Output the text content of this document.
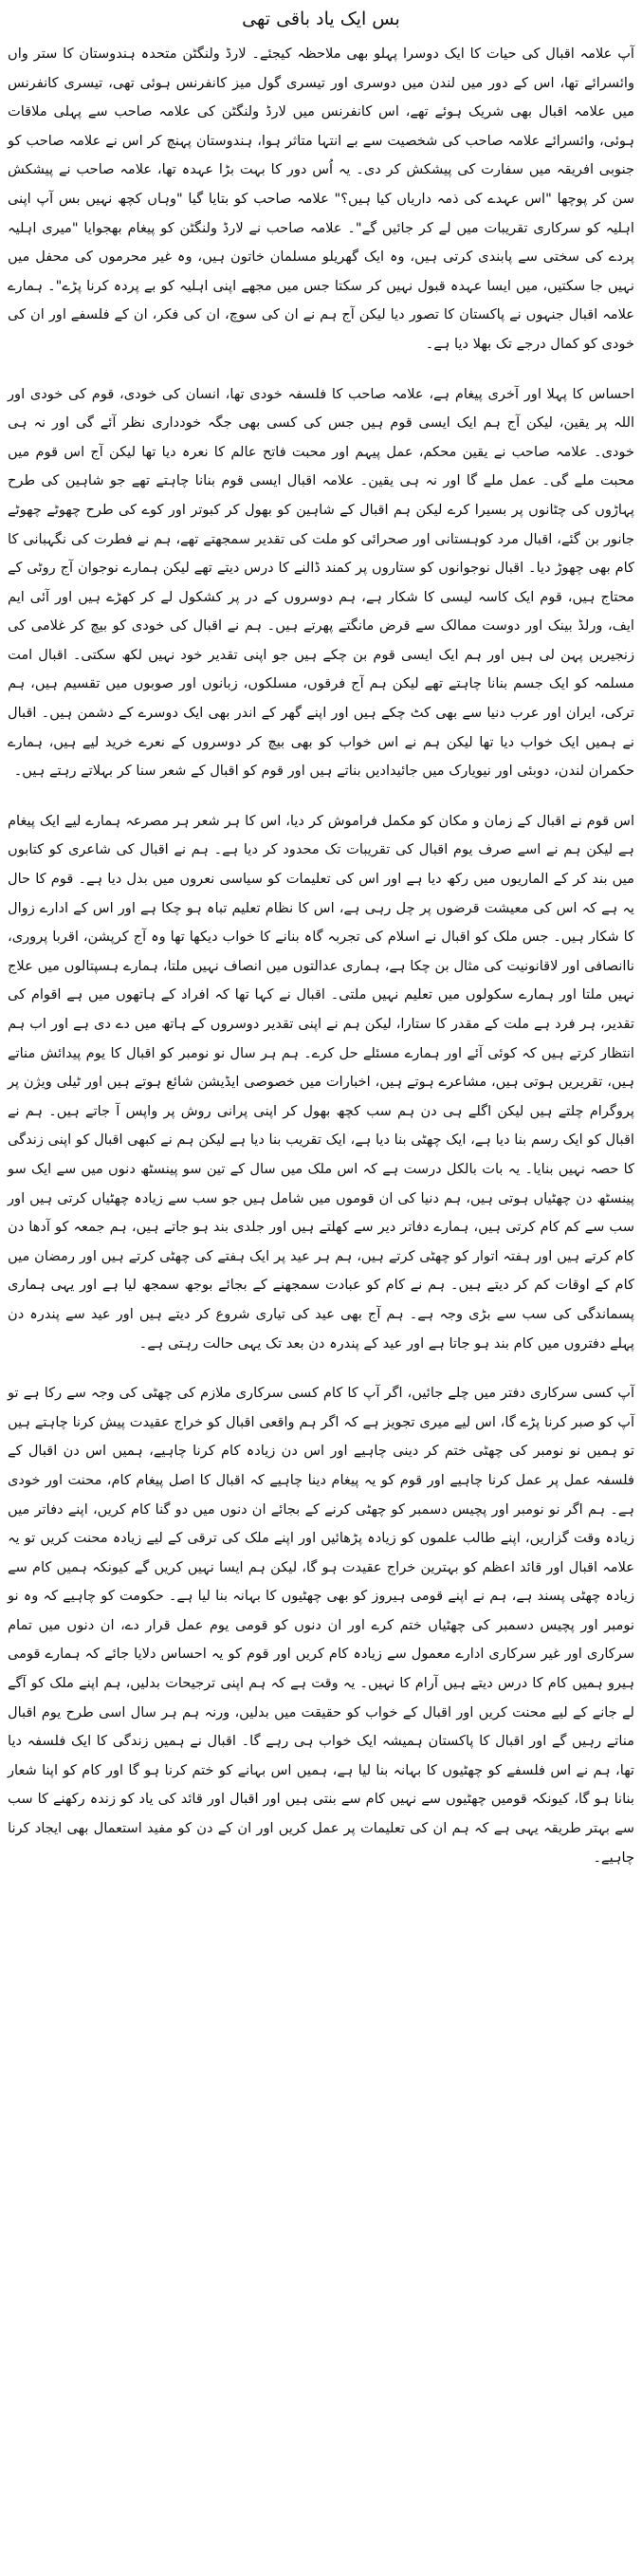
بس ایک یاد باقی تھی

آپ علامہ اقبال کی حیات کا ایک دوسرا پہلو بھی ملاحظہ کیجئے۔ لارڈ ولنگٹن متحدہ ہندوستان کا ستر واں وائسرائے تھا، اس کے دور میں لندن میں دوسری اور تیسری گول میز کانفرنس ہوئی تھی، تیسری کانفرنس میں علامہ اقبال بھی شریک ہوئے تھے، اس کانفرنس میں لارڈ ولنگٹن کی علامہ صاحب سے پہلی ملاقات ہوئی، وائسرائے علامہ صاحب کی شخصیت سے بے انتہا متاثر ہوا، ہندوستان پہنچ کر اس نے علامہ صاحب کو جنوبی افریقہ میں سفارت کی پیشکش کر دی۔ یہ اُس دور کا بہت بڑا عہدہ تھا، علامہ صاحب نے پیشکش سن کر پوچھا "اس عہدے کی ذمہ داریاں کیا ہیں؟" علامہ صاحب کو بتایا گیا "وہاں کچھ نہیں بس آپ اپنی اہلیہ کو سرکاری تقریبات میں لے کر جائیں گے"۔ علامہ صاحب نے لارڈ ولنگٹن کو پیغام بھجوایا "میری اہلیہ پردے کی سختی سے پابندی کرتی ہیں، وہ ایک گھریلو مسلمان خاتون ہیں، وہ غیر محرموں کی محفل میں نہیں جا سکتیں، میں ایسا عہدہ قبول نہیں کر سکتا جس میں مجھے اپنی اہلیہ کو بے پردہ کرنا پڑے"۔ ہمارے علامہ اقبال جنہوں نے پاکستان کا تصور دیا لیکن آج ہم نے ان کی سوچ، ان کی فکر، ان کے فلسفے اور ان کی خودی کو کمال درجے تک بھلا دیا ہے۔

احساس کا پہلا اور آخری پیغام ہے، علامہ صاحب کا فلسفہ خودی تھا، انسان کی خودی، قوم کی خودی اور اللہ پر یقین، لیکن آج ہم ایک ایسی قوم ہیں جس کی کسی بھی جگہ خودداری نظر آئے گی اور نہ ہی خودی۔ علامہ صاحب نے یقین محکم، عمل پیہم اور محبت فاتح عالم کا نعرہ دیا تھا لیکن آج اس قوم میں محبت ملے گی۔ عمل ملے گا اور نہ ہی یقین۔ علامہ اقبال ایسی قوم بنانا چاہتے تھے جو شاہین کی طرح پہاڑوں کی چٹانوں پر بسیرا کرے لیکن ہم اقبال کے شاہین کو بھول کر کبوتر اور کوے کی طرح چھوٹے چھوٹے جانور بن گئے، اقبال مرد کوہستانی اور صحرائی کو ملت کی تقدیر سمجھتے تھے، ہم نے فطرت کی نگہبانی کا کام بھی چھوڑ دیا۔ اقبال نوجوانوں کو ستاروں پر کمند ڈالنے کا درس دیتے تھے لیکن ہمارے نوجوان آج روٹی کے محتاج ہیں، قوم ایک کاسہ لیسی کا شکار ہے، ہم دوسروں کے در پر کشکول لے کر کھڑے ہیں اور آئی ایم ایف، ورلڈ بینک اور دوست ممالک سے قرض مانگتے پھرتے ہیں۔ ہم نے اقبال کی خودی کو بیچ کر غلامی کی زنجیریں پہن لی ہیں اور ہم ایک ایسی قوم بن چکے ہیں جو اپنی تقدیر خود نہیں لکھ سکتی۔ اقبال امت مسلمہ کو ایک جسم بنانا چاہتے تھے لیکن ہم آج فرقوں، مسلکوں، زبانوں اور صوبوں میں تقسیم ہیں، ہم ترکی، ایران اور عرب دنیا سے بھی کٹ چکے ہیں اور اپنے گھر کے اندر بھی ایک دوسرے کے دشمن ہیں۔ اقبال نے ہمیں ایک خواب دیا تھا لیکن ہم نے اس خواب کو بھی بیچ کر دوسروں کے نعرے خرید لیے ہیں، ہمارے حکمران لندن، دوبئی اور نیویارک میں جائیدادیں بناتے ہیں اور قوم کو اقبال کے شعر سنا کر بہلاتے رہتے ہیں۔

اس قوم نے اقبال کے زمان و مکان کو مکمل فراموش کر دیا، اس کا ہر شعر ہر مصرعہ ہمارے لیے ایک پیغام ہے لیکن ہم نے اسے صرف یوم اقبال کی تقریبات تک محدود کر دیا ہے۔ ہم نے اقبال کی شاعری کو کتابوں میں بند کر کے الماریوں میں رکھ دیا ہے اور اس کی تعلیمات کو سیاسی نعروں میں بدل دیا ہے۔ قوم کا حال یہ ہے کہ اس کی معیشت قرضوں پر چل رہی ہے، اس کا نظام تعلیم تباہ ہو چکا ہے اور اس کے ادارے زوال کا شکار ہیں۔ جس ملک کو اقبال نے اسلام کی تجربہ گاہ بنانے کا خواب دیکھا تھا وہ آج کرپشن، اقربا پروری، ناانصافی اور لاقانونیت کی مثال بن چکا ہے، ہماری عدالتوں میں انصاف نہیں ملتا، ہمارے ہسپتالوں میں علاج نہیں ملتا اور ہمارے سکولوں میں تعلیم نہیں ملتی۔ اقبال نے کہا تھا کہ افراد کے ہاتھوں میں ہے اقوام کی تقدیر، ہر فرد ہے ملت کے مقدر کا ستارا، لیکن ہم نے اپنی تقدیر دوسروں کے ہاتھ میں دے دی ہے اور اب ہم انتظار کرتے ہیں کہ کوئی آئے اور ہمارے مسئلے حل کرے۔ ہم ہر سال نو نومبر کو اقبال کا یوم پیدائش مناتے ہیں، تقریریں ہوتی ہیں، مشاعرے ہوتے ہیں، اخبارات میں خصوصی ایڈیشن شائع ہوتے ہیں اور ٹیلی ویژن پر پروگرام چلتے ہیں لیکن اگلے ہی دن ہم سب کچھ بھول کر اپنی پرانی روش پر واپس آ جاتے ہیں۔ ہم نے اقبال کو ایک رسم بنا دیا ہے، ایک چھٹی بنا دیا ہے، ایک تقریب بنا دیا ہے لیکن ہم نے کبھی اقبال کو اپنی زندگی کا حصہ نہیں بنایا۔ یہ بات بالکل درست ہے کہ اس ملک میں سال کے تین سو پینسٹھ دنوں میں سے ایک سو پینسٹھ دن چھٹیاں ہوتی ہیں، ہم دنیا کی ان قوموں میں شامل ہیں جو سب سے زیادہ چھٹیاں کرتی ہیں اور سب سے کم کام کرتی ہیں، ہمارے دفاتر دیر سے کھلتے ہیں اور جلدی بند ہو جاتے ہیں، ہم جمعہ کو آدھا دن کام کرتے ہیں اور ہفتہ اتوار کو چھٹی کرتے ہیں، ہم ہر عید پر ایک ہفتے کی چھٹی کرتے ہیں اور رمضان میں کام کے اوقات کم کر دیتے ہیں۔ ہم نے کام کو عبادت سمجھنے کے بجائے بوجھ سمجھ لیا ہے اور یہی ہماری پسماندگی کی سب سے بڑی وجہ ہے۔ ہم آج بھی عید کی تیاری شروع کر دیتے ہیں اور عید سے پندرہ دن پہلے دفتروں میں کام بند ہو جاتا ہے اور عید کے پندرہ دن بعد تک یہی حالت رہتی ہے۔

آپ کسی سرکاری دفتر میں چلے جائیں، اگر آپ کا کام کسی سرکاری ملازم کی چھٹی کی وجہ سے رکا ہے تو آپ کو صبر کرنا پڑے گا، اس لیے میری تجویز ہے کہ اگر ہم واقعی اقبال کو خراج عقیدت پیش کرنا چاہتے ہیں تو ہمیں نو نومبر کی چھٹی ختم کر دینی چاہیے اور اس دن زیادہ کام کرنا چاہیے، ہمیں اس دن اقبال کے فلسفہ عمل پر عمل کرنا چاہیے اور قوم کو یہ پیغام دینا چاہیے کہ اقبال کا اصل پیغام کام، محنت اور خودی ہے۔ ہم اگر نو نومبر اور پچیس دسمبر کو چھٹی کرنے کے بجائے ان دنوں میں دو گنا کام کریں، اپنے دفاتر میں زیادہ وقت گزاریں، اپنے طالب علموں کو زیادہ پڑھائیں اور اپنے ملک کی ترقی کے لیے زیادہ محنت کریں تو یہ علامہ اقبال اور قائد اعظم کو بہترین خراج عقیدت ہو گا، لیکن ہم ایسا نہیں کریں گے کیونکہ ہمیں کام سے زیادہ چھٹی پسند ہے، ہم نے اپنے قومی ہیروز کو بھی چھٹیوں کا بہانہ بنا لیا ہے۔ حکومت کو چاہیے کہ وہ نو نومبر اور پچیس دسمبر کی چھٹیاں ختم کرے اور ان دنوں کو قومی یوم عمل قرار دے، ان دنوں میں تمام سرکاری اور غیر سرکاری ادارے معمول سے زیادہ کام کریں اور قوم کو یہ احساس دلایا جائے کہ ہمارے قومی ہیرو ہمیں کام کا درس دیتے ہیں آرام کا نہیں۔ یہ وقت ہے کہ ہم اپنی ترجیحات بدلیں، ہم اپنے ملک کو آگے لے جانے کے لیے محنت کریں اور اقبال کے خواب کو حقیقت میں بدلیں، ورنہ ہم ہر سال اسی طرح یوم اقبال مناتے رہیں گے اور اقبال کا پاکستان ہمیشہ ایک خواب ہی رہے گا۔ اقبال نے ہمیں زندگی کا ایک فلسفہ دیا تھا، ہم نے اس فلسفے کو چھٹیوں کا بہانہ بنا لیا ہے، ہمیں اس بہانے کو ختم کرنا ہو گا اور کام کو اپنا شعار بنانا ہو گا، کیونکہ قومیں چھٹیوں سے نہیں کام سے بنتی ہیں اور اقبال اور قائد کی یاد کو زندہ رکھنے کا سب سے بہتر طریقہ یہی ہے کہ ہم ان کی تعلیمات پر عمل کریں اور ان کے دن کو مفید استعمال بھی ایجاد کرنا چاہیے۔
